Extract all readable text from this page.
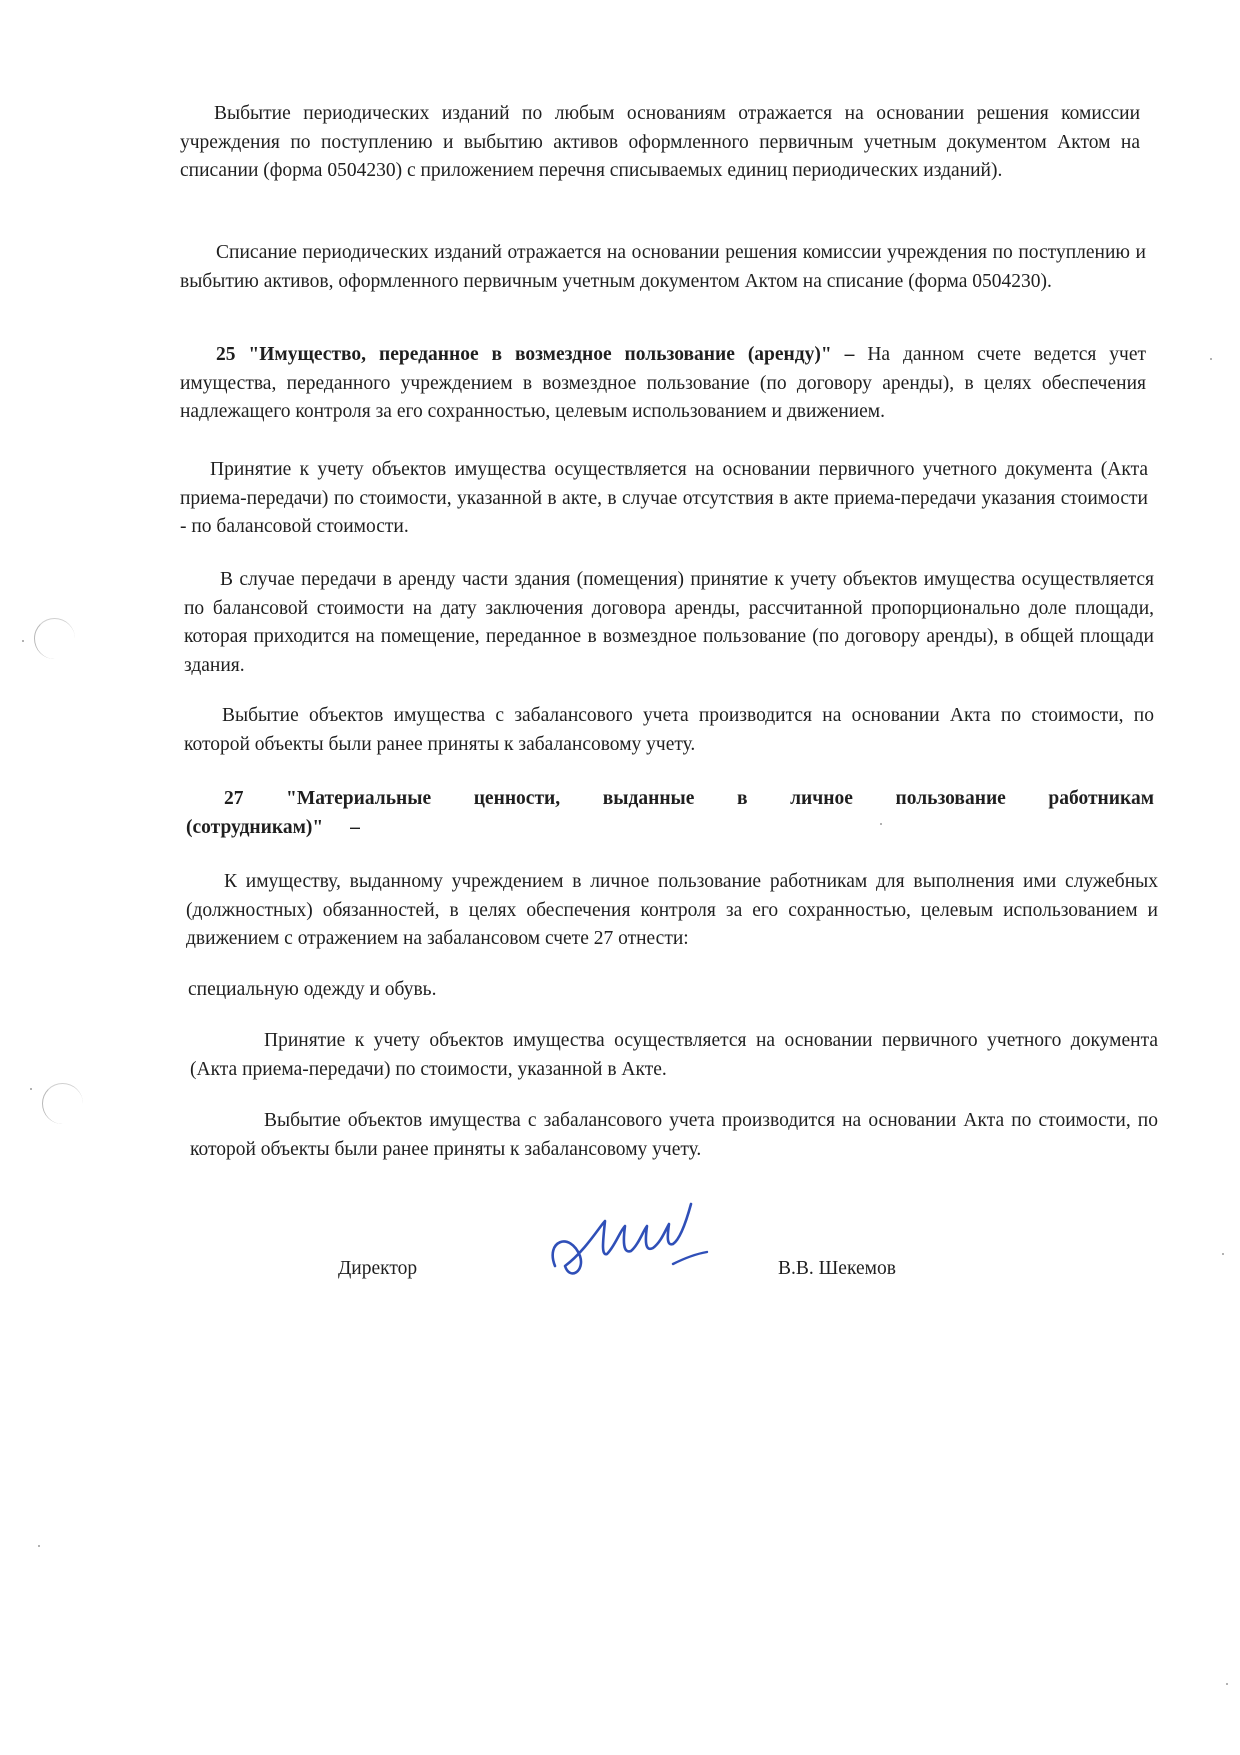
Выбытие периодических изданий по любым основаниям отражается на основании решения комиссии учреждения по поступлению и выбытию активов оформленного первичным учетным документом Актом на списании (форма 0504230) с приложением перечня списываемых единиц периодических изданий).

Списание периодических изданий отражается на основании решения комиссии учреждения по поступлению и выбытию активов, оформленного первичным учетным документом Актом на списание (форма 0504230).

25 "Имущество, переданное в возмездное пользование (аренду)" – На данном счете ведется учет имущества, переданного учреждением в возмездное пользование (по договору аренды), в целях обеспечения надлежащего контроля за его сохранностью, целевым использованием и движением.

Принятие к учету объектов имущества осуществляется на основании первичного учетного документа (Акта приема-передачи) по стоимости, указанной в акте, в случае отсутствия в акте приема-передачи указания стоимости - по балансовой стоимости.

В случае передачи в аренду части здания (помещения) принятие к учету объектов имущества осуществляется по балансовой стоимости на дату заключения договора аренды, рассчитанной пропорционально доле площади, которая приходится на помещение, переданное в возмездное пользование (по договору аренды), в общей площади здания.

Выбытие объектов имущества с забалансового учета производится на основании Акта по стоимости, по которой объекты были ранее приняты к забалансовому учету.

27 "Материальные ценности, выданные в личное пользование работникам (сотрудникам)" –

К имуществу, выданному учреждением в личное пользование работникам для выполнения ими служебных (должностных) обязанностей, в целях обеспечения контроля за его сохранностью, целевым использованием и движением с отражением на забалансовом счете 27 отнести:

специальную одежду и обувь.

Принятие к учету объектов имущества осуществляется на основании первичного учетного документа (Акта приема-передачи) по стоимости, указанной в Акте.

Выбытие объектов имущества с забалансового учета производится на основании Акта по стоимости, по которой объекты были ранее приняты к забалансовому учету.

Директор	В.В. Шекемов
